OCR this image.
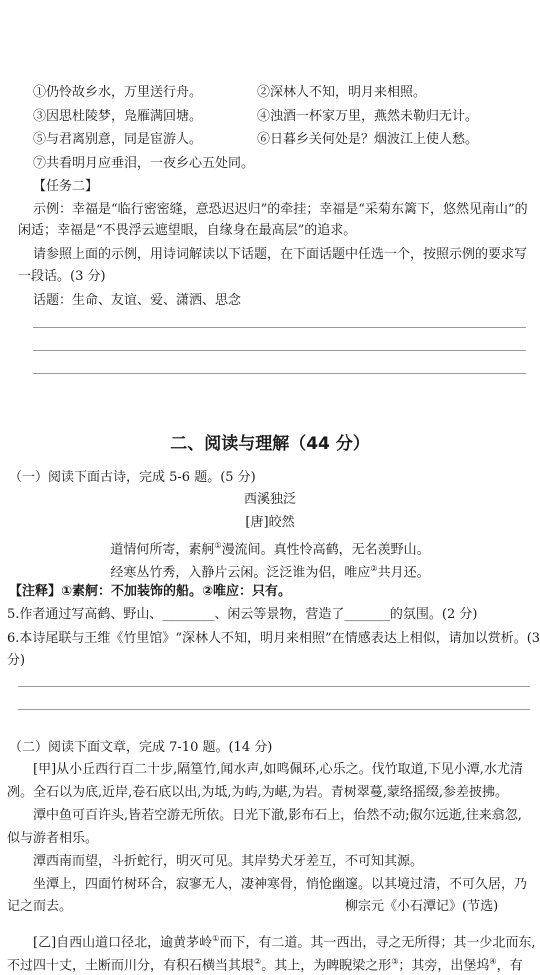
①仍怜故乡水，万里送行舟。	②深林人不知，明月来相照。
③因思杜陵梦，凫雁满回塘。	④浊酒一杯家万里，燕然未勒归无计。
⑤与君离别意，同是宦游人。	⑥日暮乡关何处是？烟波江上使人愁。
⑦共看明月应垂泪，一夜乡心五处同。
【任务二】
示例：幸福是“临行密密缝，意恐迟迟归”的牵挂；幸福是“采菊东篱下，悠然见南山”的
闲适；幸福是“不畏浮云遮望眼，自缘身在最高层”的追求。
请参照上面的示例，用诗词解读以下话题，在下面话题中任选一个，按照示例的要求写
一段话。(3 分)
话题：生命、友谊、爱、潇洒、思念
二、阅读与理解（44 分）
（一）阅读下面古诗，完成 5-6 题。(5 分)
西溪独泛
[唐]皎然
道情何所寄，素舸①漫流间。真性怜高鹤，无名羡野山。
经寒丛竹秀，入静片云闲。泛泛谁为侣，唯应②共月还。
【注释】①素舸：不加装饰的船。②唯应：只有。
5.作者通过写高鹤、野山、________、闲云等景物，营造了_______的氛围。(2 分)
6.本诗尾联与王维《竹里馆》“深林人不知，明月来相照”在情感表达上相似，请加以赏析。(3
分)
（二）阅读下面文章，完成 7-10 题。(14 分)
[甲]从小丘西行百二十步,隔篁竹,闻水声,如鸣佩环,心乐之。伐竹取道,下见小潭,水尤清
冽。全石以为底,近岸,卷石底以出,为坻,为屿,为嵁,为岩。青树翠蔓,蒙络摇缀,参差披拂。
潭中鱼可百许头,皆若空游无所依。日光下澈,影布石上，佁然不动;俶尔远逝,往来翕忽,
似与游者相乐。
潭西南而望，斗折蛇行，明灭可见。其岸势犬牙差互，不可知其源。
坐潭上，四面竹树环合，寂寥无人，凄神寒骨，悄怆幽邃。以其境过清，不可久居，乃
记之而去。	柳宗元《小石潭记》(节选)
[乙]自西山道口径北，逾黄茅岭①而下，有二道。其一西出，寻之无所得；其一少北而东,
不过四十丈，土断而川分，有积石横当其垠②。其上，为睥睨梁之形③；其旁，出堡坞④，有
